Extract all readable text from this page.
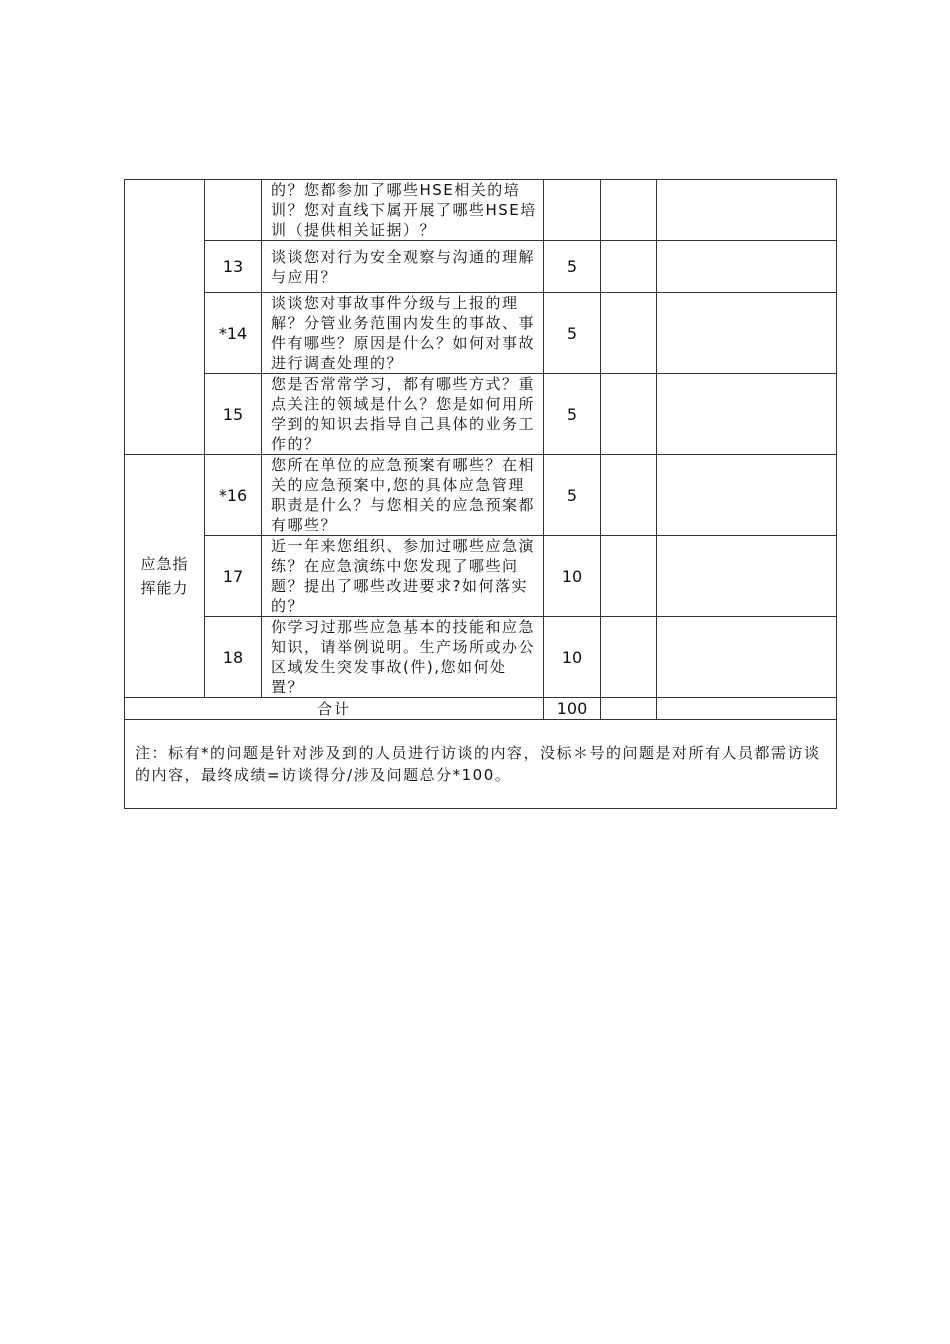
		的？您都参加了哪些HSE相关的培训？您对直线下属开展了哪些HSE培训（提供相关证据）？			
	13	谈谈您对行为安全观察与沟通的理解与应用？	5		
	*14	谈谈您对事故事件分级与上报的理解？分管业务范围内发生的事故、事件有哪些？原因是什么？如何对事故进行调查处理的？	5		
	15	您是否常常学习，都有哪些方式？重点关注的领域是什么？您是如何用所学到的知识去指导自己具体的业务工作的？	5		

应急指挥能力	*16	您所在单位的应急预案有哪些？在相关的应急预案中,您的具体应急管理职责是什么？与您相关的应急预案都有哪些？	5		
	17	近一年来您组织、参加过哪些应急演练？在应急演练中您发现了哪些问题？提出了哪些改进要求?如何落实的？	10		
	18	你学习过那些应急基本的技能和应急知识，请举例说明。生产场所或办公区域发生突发事故(件),您如何处置？	10		
合计			100		
注：标有*的问题是针对涉及到的人员进行访谈的内容，没标＊号的问题是对所有人员都需访谈的内容，最终成绩=访谈得分/涉及问题总分*100。					
